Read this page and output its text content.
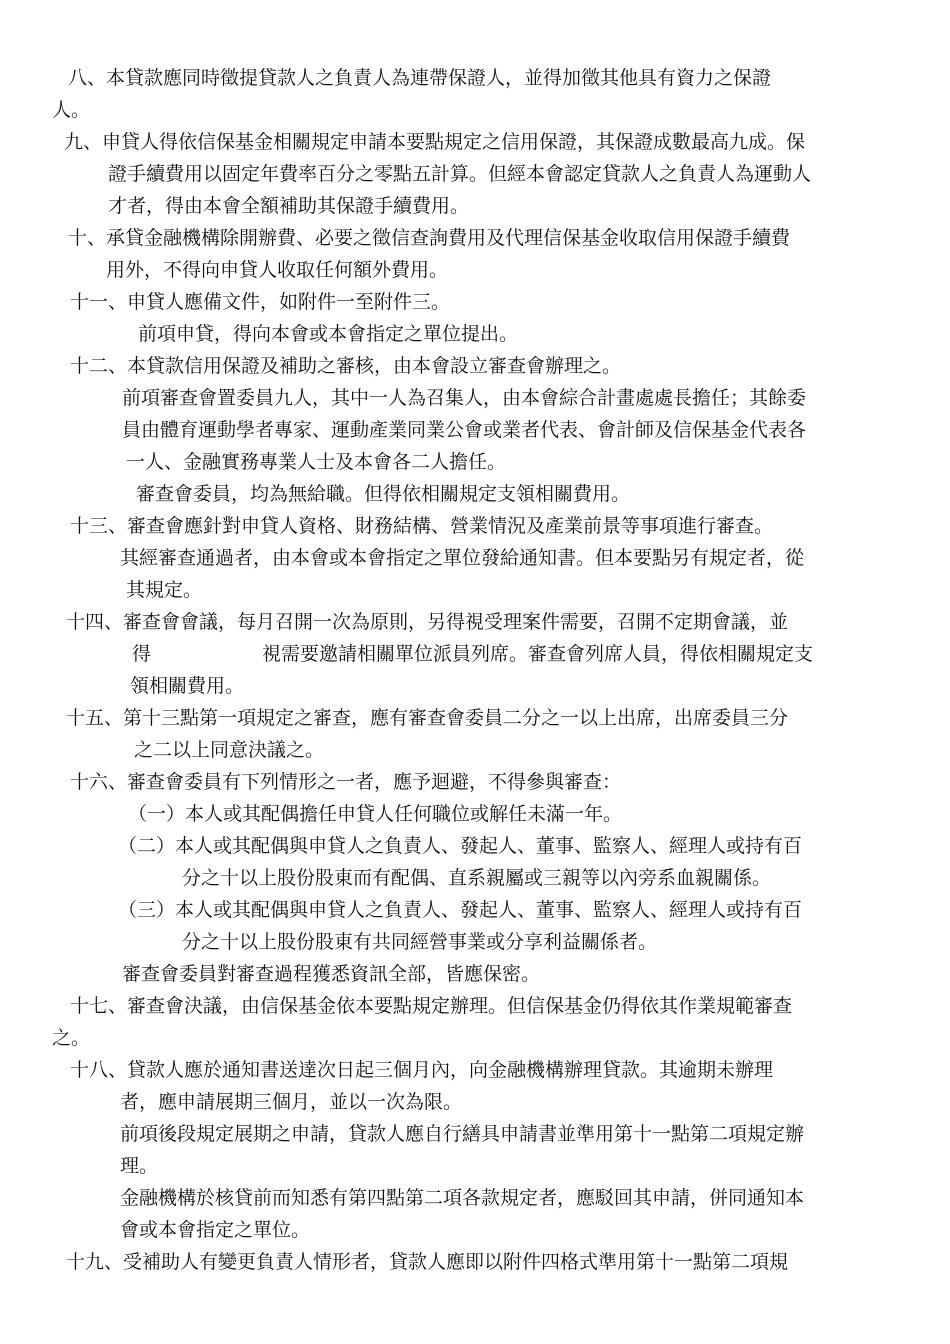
八、本貸款應同時徵提貸款人之負責人為連帶保證人，並得加徵其他具有資力之保證
人。
九、申貸人得依信保基金相關規定申請本要點規定之信用保證，其保證成數最高九成。保
證手續費用以固定年費率百分之零點五計算。但經本會認定貸款人之負責人為運動人
才者，得由本會全額補助其保證手續費用。
十、承貸金融機構除開辦費、必要之徵信查詢費用及代理信保基金收取信用保證手續費
用外，不得向申貸人收取任何額外費用。
十一、申貸人應備文件，如附件一至附件三。
前項申貸，得向本會或本會指定之單位提出。
十二、本貸款信用保證及補助之審核，由本會設立審查會辦理之。
前項審查會置委員九人，其中一人為召集人，由本會綜合計畫處處長擔任；其餘委
員由體育運動學者專家、運動產業同業公會或業者代表、會計師及信保基金代表各
一人、金融實務專業人士及本會各二人擔任。
審查會委員，均為無給職。但得依相關規定支領相關費用。
十三、審查會應針對申貸人資格、財務結構、營業情況及產業前景等事項進行審查。
其經審查通過者，由本會或本會指定之單位發給通知書。但本要點另有規定者，從
其規定。
十四、審查會會議，每月召開一次為原則，另得視受理案件需要，召開不定期會議，並
得	視需要邀請相關單位派員列席。審查會列席人員，得依相關規定支
領相關費用。
十五、第十三點第一項規定之審查，應有審查會委員二分之一以上出席，出席委員三分
之二以上同意決議之。
十六、審查會委員有下列情形之一者，應予迴避，不得參與審查：
（一）本人或其配偶擔任申貸人任何職位或解任未滿一年。
（二）本人或其配偶與申貸人之負責人、發起人、董事、監察人、經理人或持有百
分之十以上股份股東而有配偶、直系親屬或三親等以內旁系血親關係。
（三）本人或其配偶與申貸人之負責人、發起人、董事、監察人、經理人或持有百
分之十以上股份股東有共同經營事業或分享利益關係者。
審查會委員對審查過程獲悉資訊全部，皆應保密。
十七、審查會決議，由信保基金依本要點規定辦理。但信保基金仍得依其作業規範審查
之。
十八、貸款人應於通知書送達次日起三個月內，向金融機構辦理貸款。其逾期未辦理
者，應申請展期三個月，並以一次為限。
前項後段規定展期之申請，貸款人應自行繕具申請書並準用第十一點第二項規定辦
理。
金融機構於核貸前而知悉有第四點第二項各款規定者，應駁回其申請，併同通知本
會或本會指定之單位。
十九、受補助人有變更負責人情形者，貸款人應即以附件四格式準用第十一點第二項規
